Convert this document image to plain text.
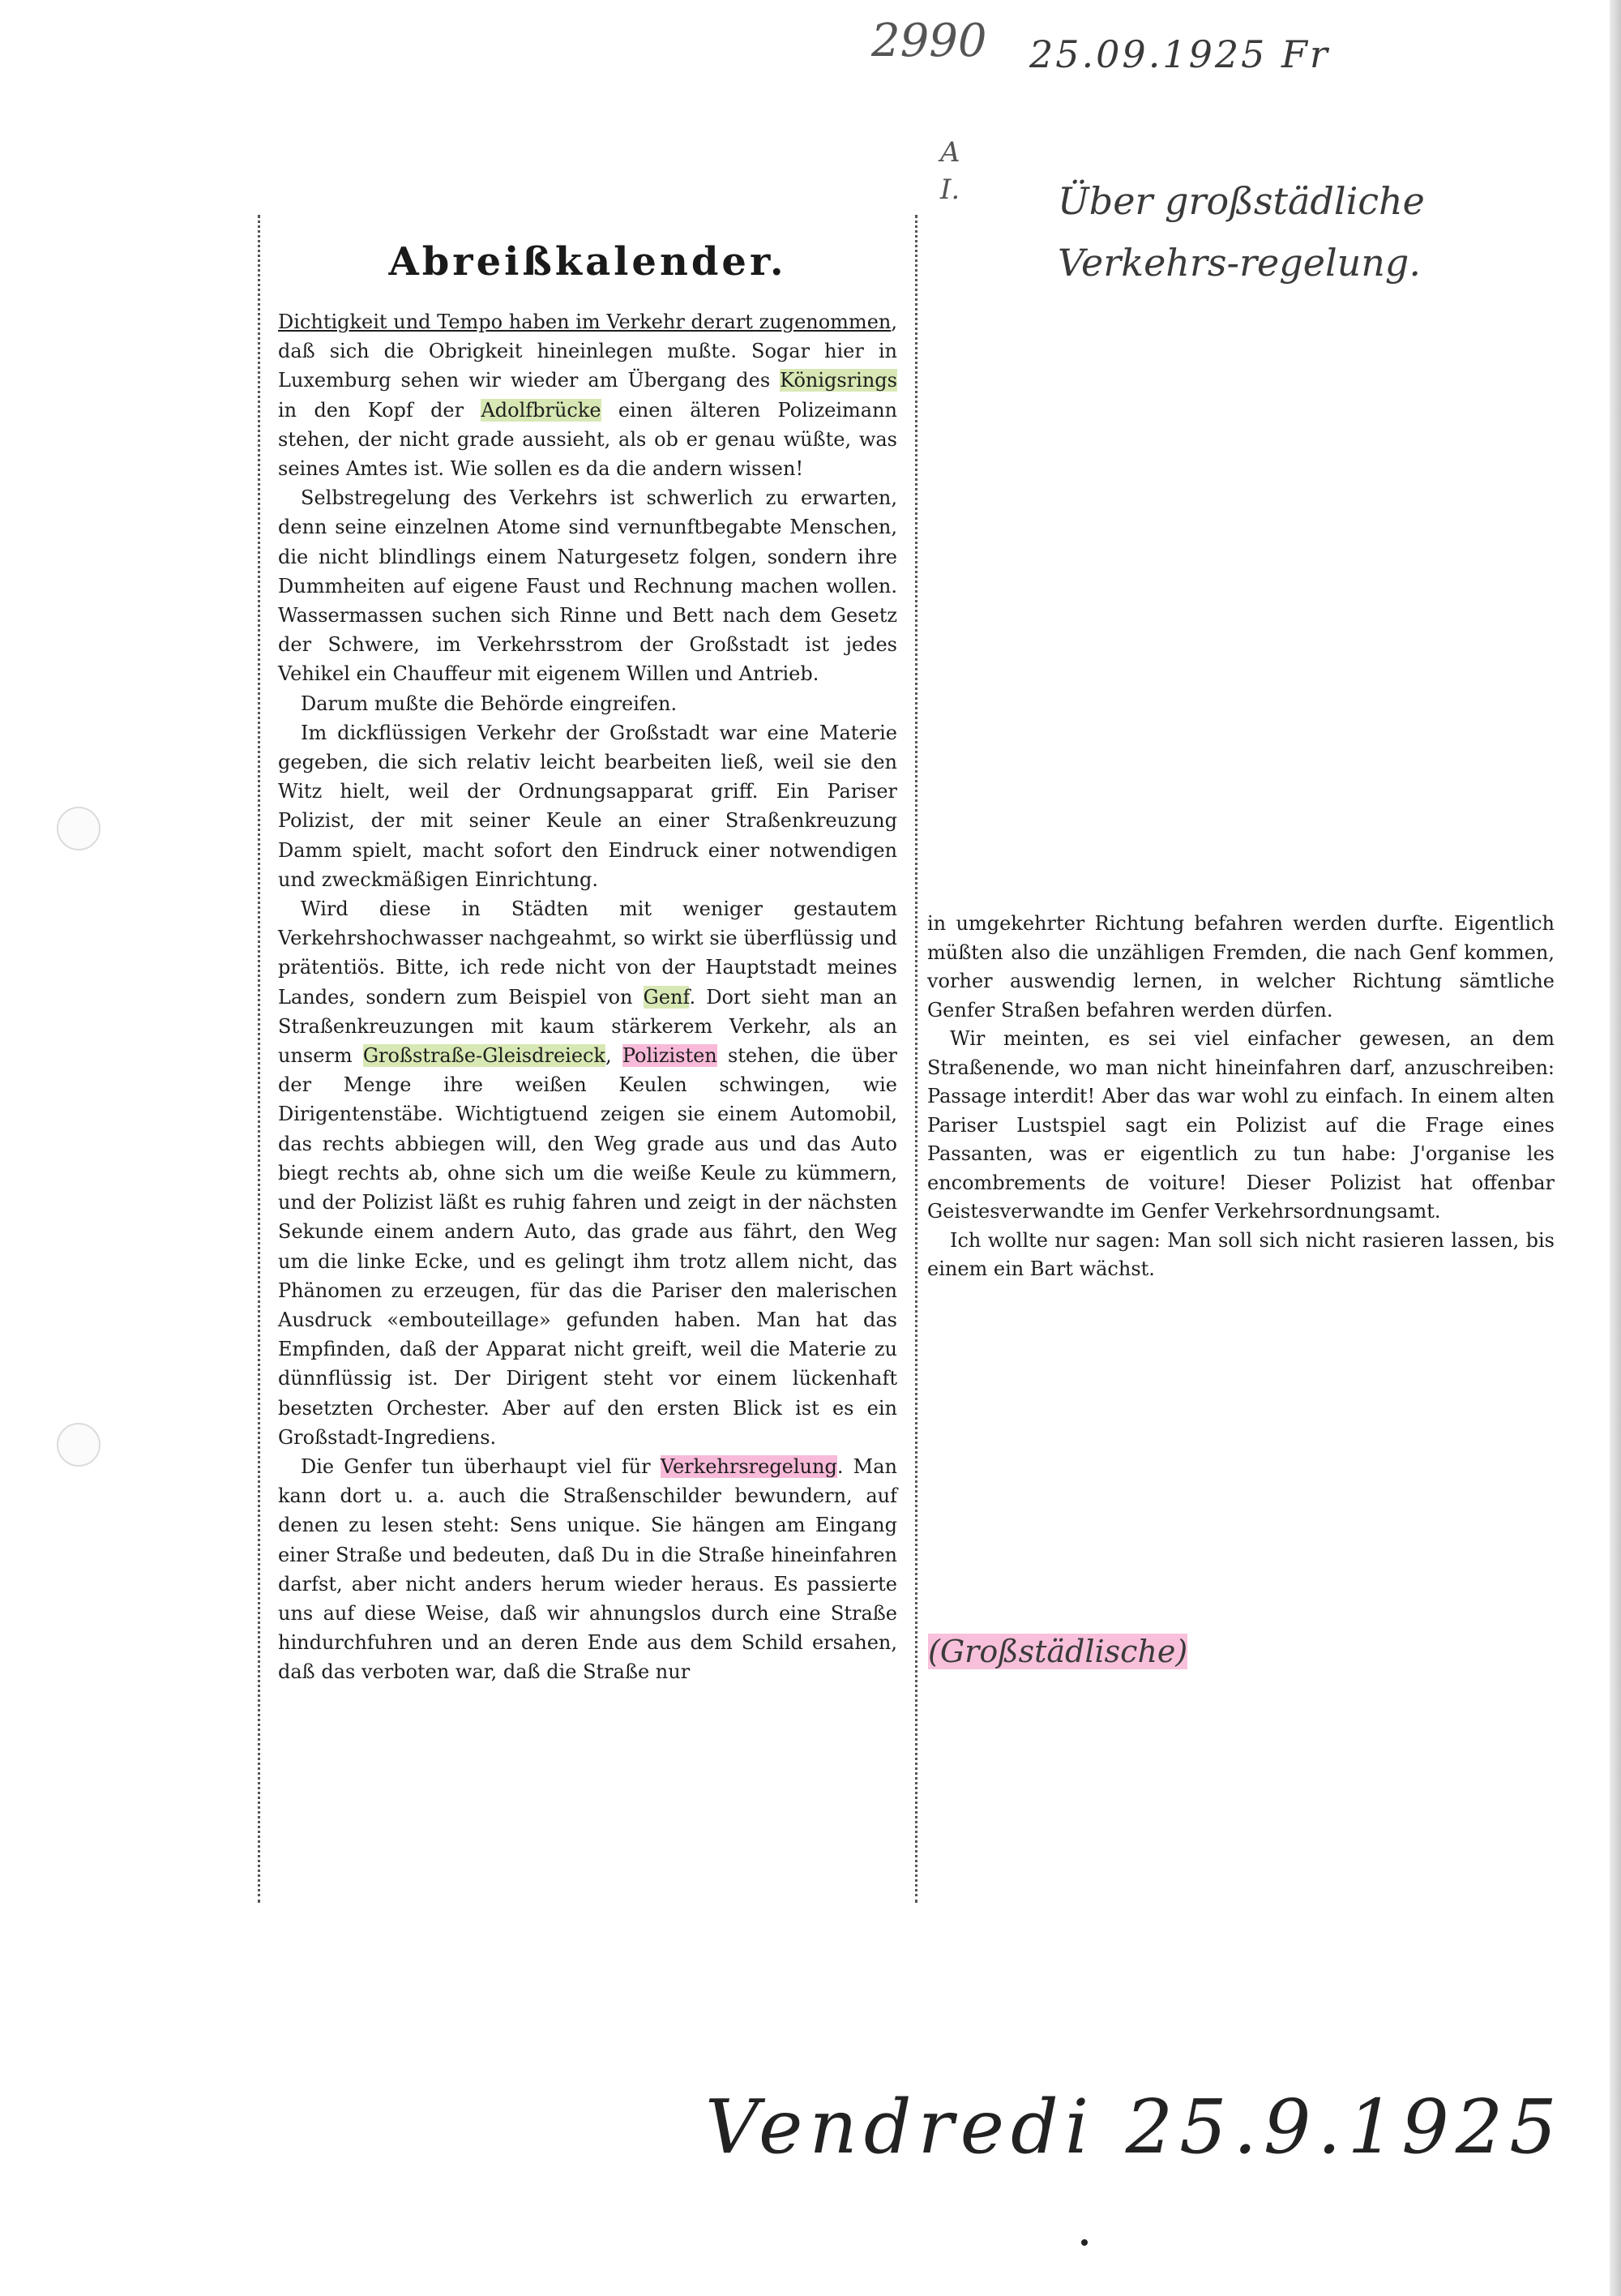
2990 25.09.1925 Fr
A
I.	Über großstädliche Verkehrs-regelung.
Abreißkalender.

Dichtigkeit und Tempo haben im Verkehr derart zugenommen, daß sich die Obrigkeit hineinlegen mußte. Sogar hier in Luxemburg sehen wir wieder am Übergang des Königsrings in den Kopf der Adolfbrücke einen älteren Polizeimann stehen, der nicht grade aussieht, als ob er genau wüßte, was seines Amtes ist. Wie sollen es da die andern wissen!

Selbstregelung des Verkehrs ist schwerlich zu erwarten, denn seine einzelnen Atome sind vernunftbegabte Menschen, die nicht blindlings einem Naturgesetz folgen, sondern ihre Dummheiten auf eigene Faust und Rechnung machen wollen. Wassermassen suchen sich Rinne und Bett nach dem Gesetz der Schwere, im Verkehrsstrom der Großstadt ist jedes Vehikel ein Chauffeur mit eigenem Willen und Antrieb.

Darum mußte die Behörde eingreifen.

Im dickflüssigen Verkehr der Großstadt war eine Materie gegeben, die sich relativ leicht bearbeiten ließ, weil sie den Witz hielt, weil der Ordnungsapparat griff. Ein Pariser Polizist, der mit seiner Keule an einer Straßenkreuzung Damm spielt, macht sofort den Eindruck einer notwendigen und zweckmäßigen Einrichtung.

Wird diese in Städten mit weniger gestautem Verkehrshochwasser nachgeahmt, so wirkt sie überflüssig und prätentiös. Bitte, ich rede nicht von der Hauptstadt meines Landes, sondern zum Beispiel von Genf. Dort sieht man an Straßenkreuzungen mit kaum stärkerem Verkehr, als an unserm Großstraße-Gleisdreieck, Polizisten stehen, die über der Menge ihre weißen Keulen schwingen, wie Dirigentenstäbe. Wichtigtuend zeigen sie einem Automobil, das rechts abbiegen will, den Weg grade aus und das Auto biegt rechts ab, ohne sich um die weiße Keule zu kümmern, und der Polizist läßt es ruhig fahren und zeigt in der nächsten Sekunde einem andern Auto, das grade aus fährt, den Weg um die linke Ecke, und es gelingt ihm trotz allem nicht, das Phänomen zu erzeugen, für das die Pariser den malerischen Ausdruck «embouteillage» gefunden haben. Man hat das Empfinden, daß der Apparat nicht greift, weil die Materie zu dünnflüssig ist. Der Dirigent steht vor einem lückenhaft besetzten Orchester. Aber auf den ersten Blick ist es ein Großstadt-Ingrediens.

Die Genfer tun überhaupt viel für Verkehrsregelung. Man kann dort u. a. auch die Straßenschilder bewundern, auf denen zu lesen steht: Sens unique. Sie hängen am Eingang einer Straße und bedeuten, daß Du in die Straße hineinfahren darfst, aber nicht anders herum wieder heraus. Es passierte uns auf diese Weise, daß wir ahnungslos durch eine Straße hindurchfuhren und an deren Ende aus dem Schild ersahen, daß das verboten war, daß die Straße nur

in umgekehrter Richtung befahren werden durfte. Eigentlich müßten also die unzähligen Fremden, die nach Genf kommen, vorher auswendig lernen, in welcher Richtung sämtliche Genfer Straßen befahren werden dürfen.

Wir meinten, es sei viel einfacher gewesen, an dem Straßenende, wo man nicht hineinfahren darf, anzuschreiben: Passage interdit! Aber das war wohl zu einfach. In einem alten Pariser Lustspiel sagt ein Polizist auf die Frage eines Passanten, was er eigentlich zu tun habe: J'organise les encombrements de voiture! Dieser Polizist hat offenbar Geistesverwandte im Genfer Verkehrsordnungsamt.

Ich wollte nur sagen: Man soll sich nicht rasieren lassen, bis einem ein Bart wächst.

(Großstädlische)
Vendredi 25.9.1925
